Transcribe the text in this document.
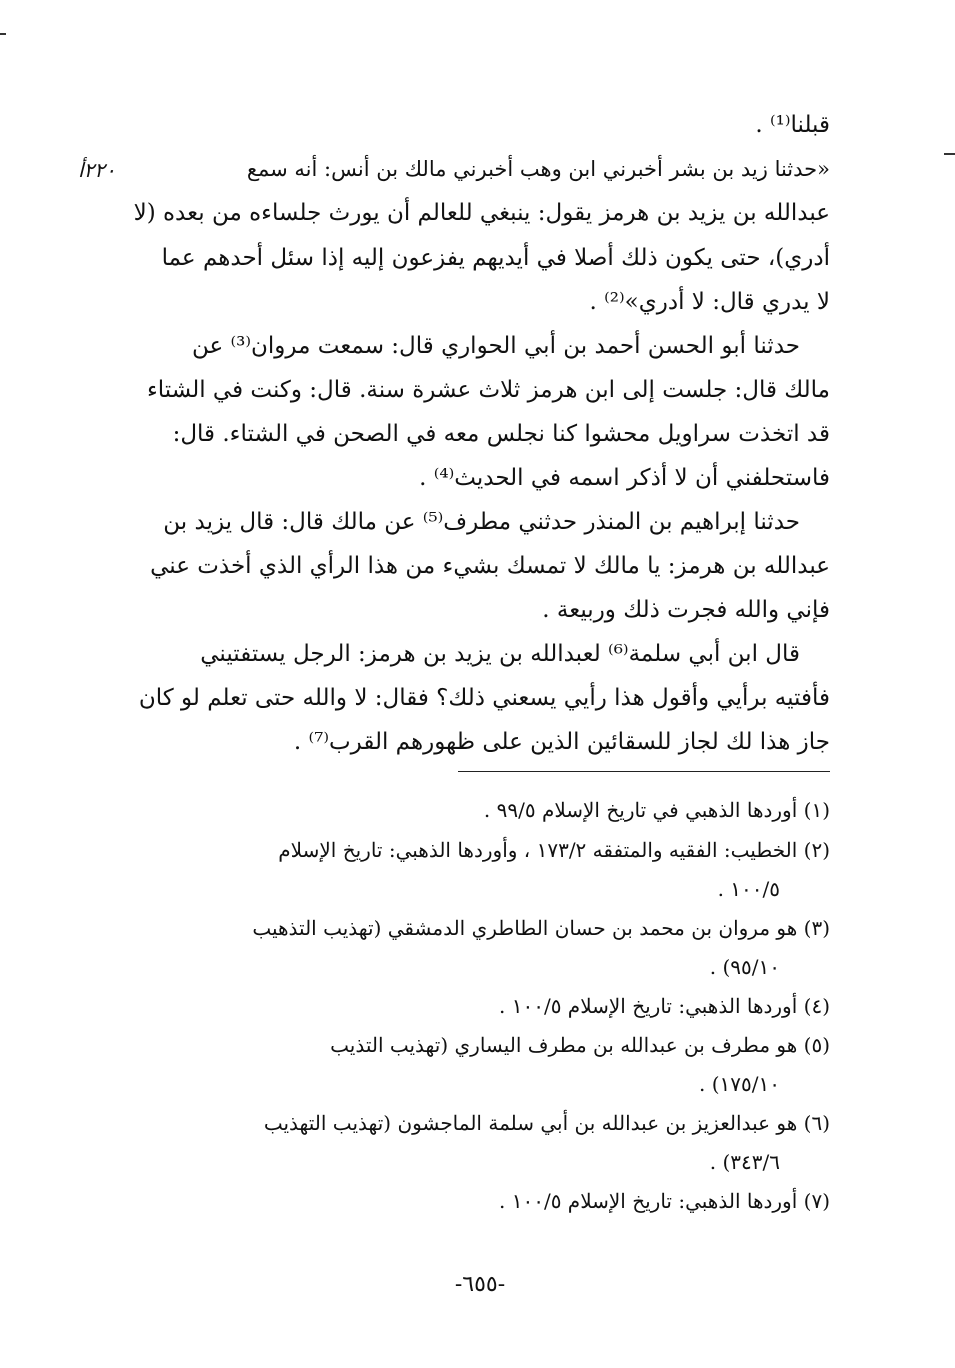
٢٢٠أ
قبلنا⁽¹⁾ .
«حدثنا زيد بن بشر أخبرني ابن وهب أخبرني مالك بن أنس: أنه سمع
عبدالله بن يزيد بن هرمز يقول: ينبغي للعالم أن يورث جلساءه من بعده (لا
أدري)، حتى يكون ذلك أصلا في أيديهم يفزعون إليه إذا سئل أحدهم عما
لا يدري قال: لا أدري»⁽²⁾ .
حدثنا أبو الحسن أحمد بن أبي الحواري قال: سمعت مروان⁽³⁾ عن
مالك قال: جلست إلى ابن هرمز ثلاث عشرة سنة. قال: وكنت في الشتاء
قد اتخذت سراويل محشوا كنا نجلس معه في الصحن في الشتاء. قال:
فاستحلفني أن لا أذكر اسمه في الحديث⁽⁴⁾ .
حدثنا إبراهيم بن المنذر حدثني مطرف⁽⁵⁾ عن مالك قال: قال يزيد بن
عبدالله بن هرمز: يا مالك لا تمسك بشيء من هذا الرأي الذي أخذت عني
فإني والله فجرت ذلك وربيعة .
قال ابن أبي سلمة⁽⁶⁾ لعبدالله بن يزيد بن هرمز: الرجل يستفتيني
فأفتيه برأيي وأقول هذا رأيي يسعني ذلك؟ فقال: لا والله حتى تعلم لو كان
جاز هذا لك لجاز للسقائين الذين على ظهورهم القرب⁽⁷⁾ .
(١) أوردها الذهبي في تاريخ الإسلام ٩٩/٥ .
(٢) الخطيب: الفقيه والمتفقه ١٧٣/٢ ، وأوردها الذهبي: تاريخ الإسلام
١٠٠/٥ .
(٣) هو مروان بن محمد بن حسان الطاطري الدمشقي (تهذيب التذهيب
٩٥/١٠) .
(٤) أوردها الذهبي: تاريخ الإسلام ١٠٠/٥ .
(٥) هو مطرف بن عبدالله بن مطرف اليساري (تهذيب التذيب
١٧٥/١٠) .
(٦) هو عبدالعزيز بن عبدالله بن أبي سلمة الماجشون (تهذيب التهذيب
٣٤٣/٦) .
(٧) أوردها الذهبي: تاريخ الإسلام ١٠٠/٥ .
-٦٥٥-
